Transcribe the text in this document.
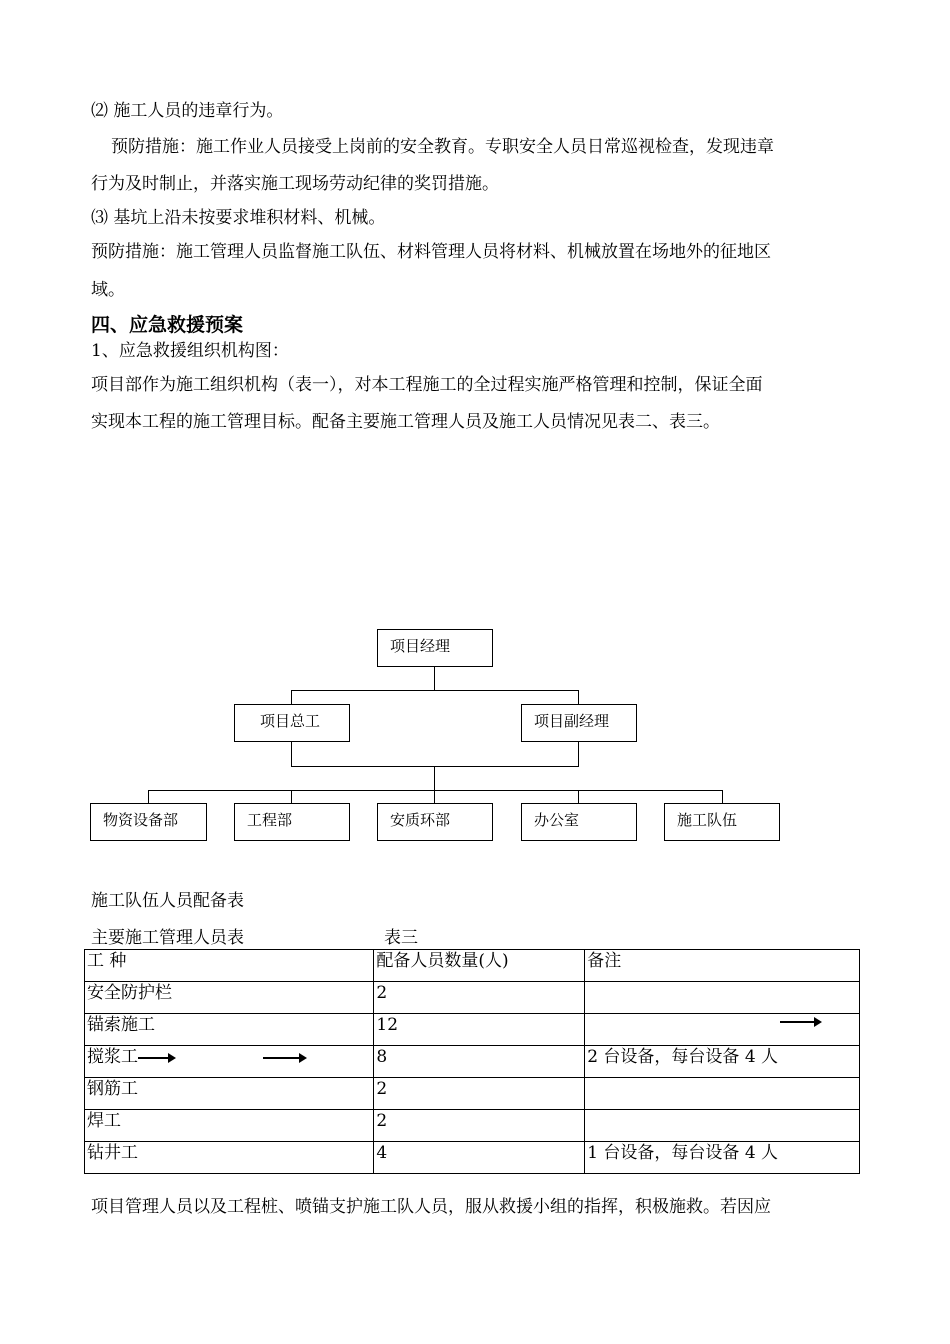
⑵ 施工人员的违章行为。
预防措施：施工作业人员接受上岗前的安全教育。专职安全人员日常巡视检查，发现违章
行为及时制止，并落实施工现场劳动纪律的奖罚措施。
⑶ 基坑上沿未按要求堆积材料、机械。
预防措施：施工管理人员监督施工队伍、材料管理人员将材料、机械放置在场地外的征地区
域。
四、应急救援预案
1、应急救援组织机构图：
项目部作为施工组织机构（表一），对本工程施工的全过程实施严格管理和控制，保证全面
实现本工程的施工管理目标。配备主要施工管理人员及施工人员情况见表二、表三。
项目经理
项目总工	项目副经理
物资设备部	工程部	安质环部	办公室	施工队伍
施工队伍人员配备表
主要施工管理人员表	表三
工 种	配备人员数量(人)	备注
安全防护栏	2	
锚索施工	12	
搅浆工	8	2 台设备，每台设备 4 人
钢筋工	2	
焊工	2	
钻井工	4	1 台设备，每台设备 4 人
项目管理人员以及工程桩、喷锚支护施工队人员，服从救援小组的指挥，积极施救。若因应
